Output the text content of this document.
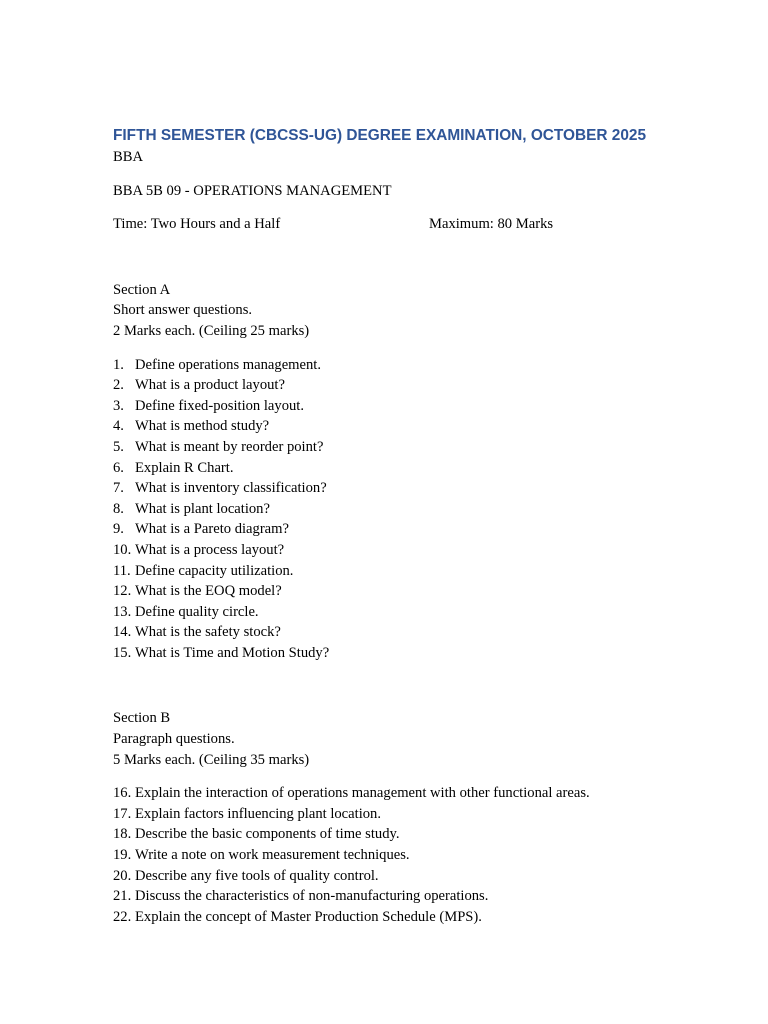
FIFTH SEMESTER (CBCSS-UG) DEGREE EXAMINATION, OCTOBER 2025

BBA

BBA 5B 09 - OPERATIONS MANAGEMENT

Time: Two Hours and a Half	Maximum: 80 Marks

Section A

Short answer questions.

2 Marks each. (Ceiling 25 marks)

1. Define operations management.
2. What is a product layout?
3. Define fixed-position layout.
4. What is method study?
5. What is meant by reorder point?
6. Explain R Chart.
7. What is inventory classification?
8. What is plant location?
9. What is a Pareto diagram?
10. What is a process layout?
11. Define capacity utilization.
12. What is the EOQ model?
13. Define quality circle.
14. What is the safety stock?
15. What is Time and Motion Study?

Section B

Paragraph questions.

5 Marks each. (Ceiling 35 marks)

16. Explain the interaction of operations management with other functional areas.
17. Explain factors influencing plant location.
18. Describe the basic components of time study.
19. Write a note on work measurement techniques.
20. Describe any five tools of quality control.
21. Discuss the characteristics of non-manufacturing operations.
22. Explain the concept of Master Production Schedule (MPS).
